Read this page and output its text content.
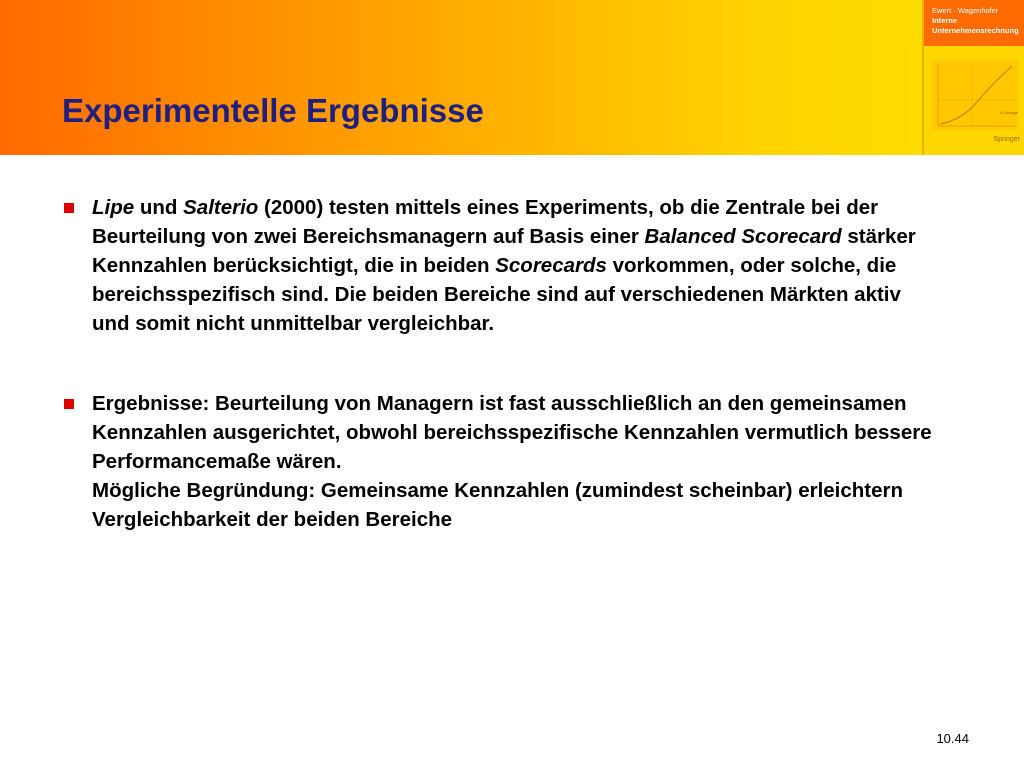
Experimentelle Ergebnisse
Ewert · Wagenhofer
Interne
Unternehmensrechnung
6. Auflage
Springer

Lipe und Salterio (2000) testen mittels eines Experiments, ob die Zentrale bei der Beurteilung von zwei Bereichsmanagern auf Basis einer Balanced Scorecard stärker Kennzahlen berücksichtigt, die in beiden Scorecards vorkommen, oder solche, die bereichsspezifisch sind. Die beiden Bereiche sind auf verschiedenen Märkten aktiv und somit nicht unmittelbar vergleichbar.

Ergebnisse: Beurteilung von Managern ist fast ausschließlich an den gemeinsamen Kennzahlen ausgerichtet, obwohl bereichsspezifische Kennzahlen vermutlich bessere Performancemaße wären.
Mögliche Begründung: Gemeinsame Kennzahlen (zumindest scheinbar) erleichtern Vergleichbarkeit der beiden Bereiche

10.44
